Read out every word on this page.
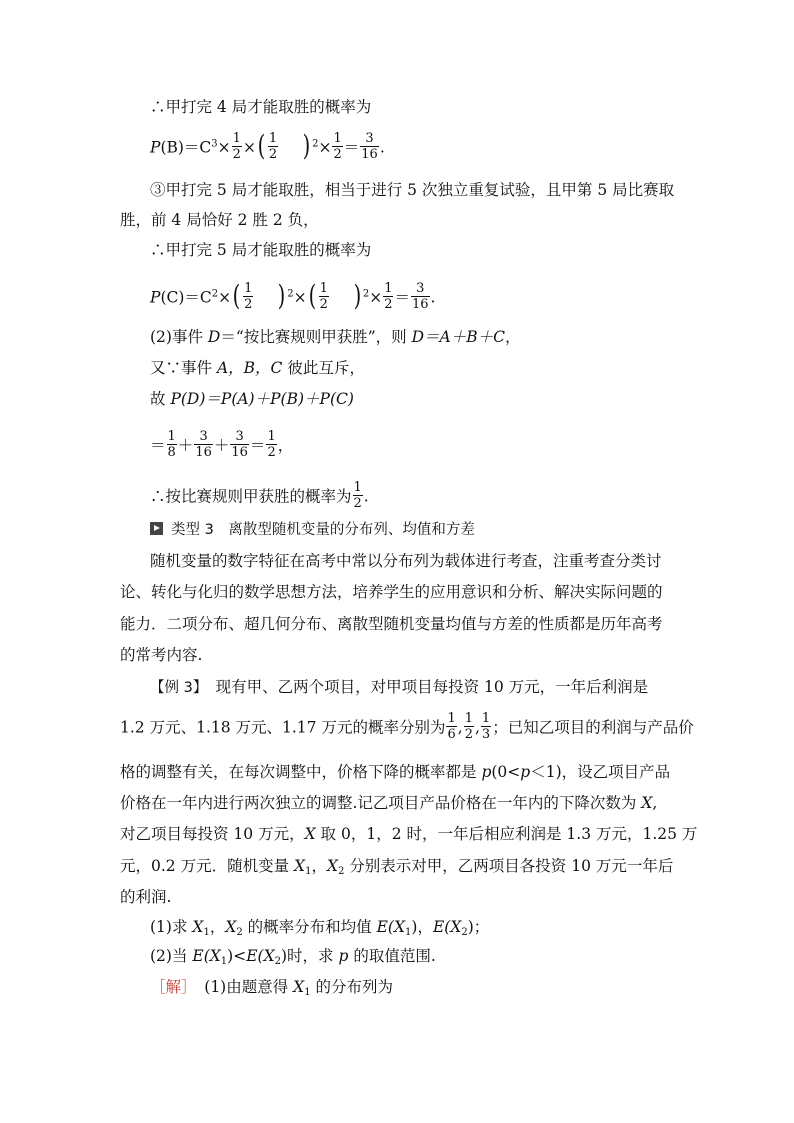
∴甲打完 4 局才能取胜的概率为
$P(B)=C^3\times \frac{1}{2}$ ×( $\frac{1}{2}$ ) $^2\times \frac{1}{2} = \frac{3}{16}$ .
③甲打完 5 局才能取胜，相当于进行 5 次独立重复试验，且甲第 5 局比赛取
胜，前 4 局恰好 2 胜 2 负，
∴甲打完 5 局才能取胜的概率为
$P(C)=C^2\times( \frac{1}{2}$ ) $^2\times( \frac{1}{2}$ ) $^2\times \frac{1}{2} = \frac{3}{16}$ .
(2)事件 D＝“按比赛规则甲获胜”，则 D＝A＋B＋C，
又∵事件 A，B，C 彼此互斥，
故 P(D)＝P(A)＋P(B)＋P(C)
＝ $\frac{1}{8} + \frac{3}{16} + \frac{3}{16} = \frac{1}{2}$ ，
∴按比赛规则甲获胜的概率为 $\frac{1}{2}$ .
类型 3　离散型随机变量的分布列、均值和方差
随机变量的数字特征在高考中常以分布列为载体进行考查，注重考查分类讨
论、转化与化归的数学思想方法，培养学生的应用意识和分析、解决实际问题的
能力．二项分布、超几何分布、离散型随机变量均值与方差的性质都是历年高考
的常考内容.
【例 3】　现有甲、乙两个项目，对甲项目每投资 10 万元，一年后利润是
1.2 万元、1.18 万元、1.17 万元的概率分别为 $\frac{1}{6}$ , $\frac{1}{2}$ , $\frac{1}{3}$ ；已知乙项目的利润与产品价
格的调整有关，在每次调整中，价格下降的概率都是 p(0<p＜1)，设乙项目产品
价格在一年内进行两次独立的调整.记乙项目产品价格在一年内的下降次数为 X,
对乙项目每投资 10 万元，X 取 0，1，2 时，一年后相应利润是 1.3 万元，1.25 万
元，0.2 万元．随机变量 $X_1$，$X_2$ 分别表示对甲，乙两项目各投资 10 万元一年后
的利润.
(1)求 $X_1$，$X_2$ 的概率分布和均值 $E(X_1)$，$E(X_2)$；
(2)当 $E(X_1)<E(X_2)$时，求 p 的取值范围.
［解］　(1)由题意得 $X_1$ 的分布列为
